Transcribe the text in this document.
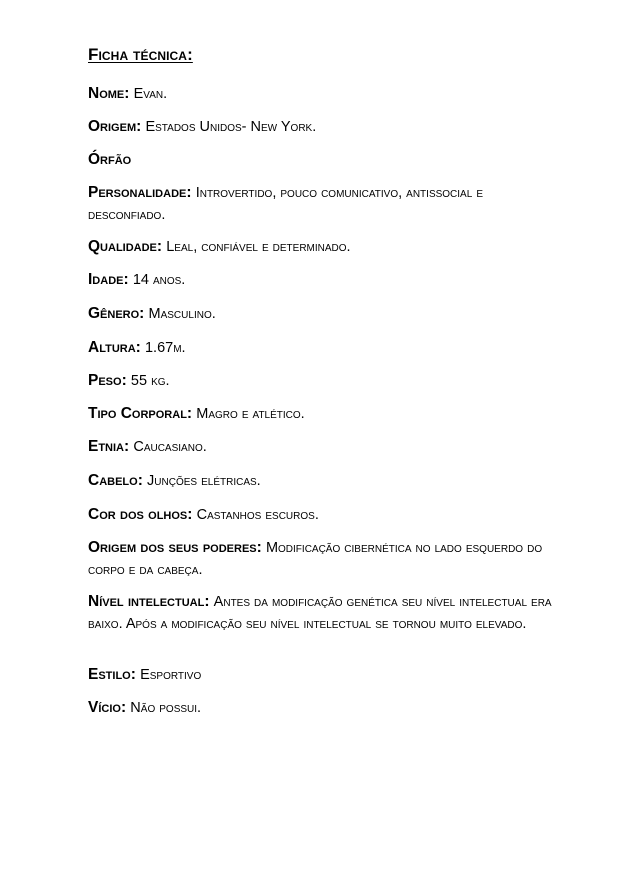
Ficha técnica:

Nome: Evan.

Origem: Estados Unidos- New York.

Órfão

Personalidade: Introvertido, pouco comunicativo, antissocial e desconfiado.

Qualidade: Leal, confiável e determinado.

Idade: 14 anos.

Gênero: Masculino.

Altura: 1.67m.

Peso: 55 kg.

Tipo Corporal: Magro e atlético.

Etnia: Caucasiano.

Cabelo: Junções elétricas.

Cor dos olhos: Castanhos escuros.

Origem dos seus poderes: Modificação cibernética no lado esquerdo do corpo e da cabeça.

Nível intelectual: Antes da modificação genética seu nível intelectual era baixo. Após a modificação seu nível intelectual se tornou muito elevado.

Estilo: Esportivo

Vício: Não possui.
